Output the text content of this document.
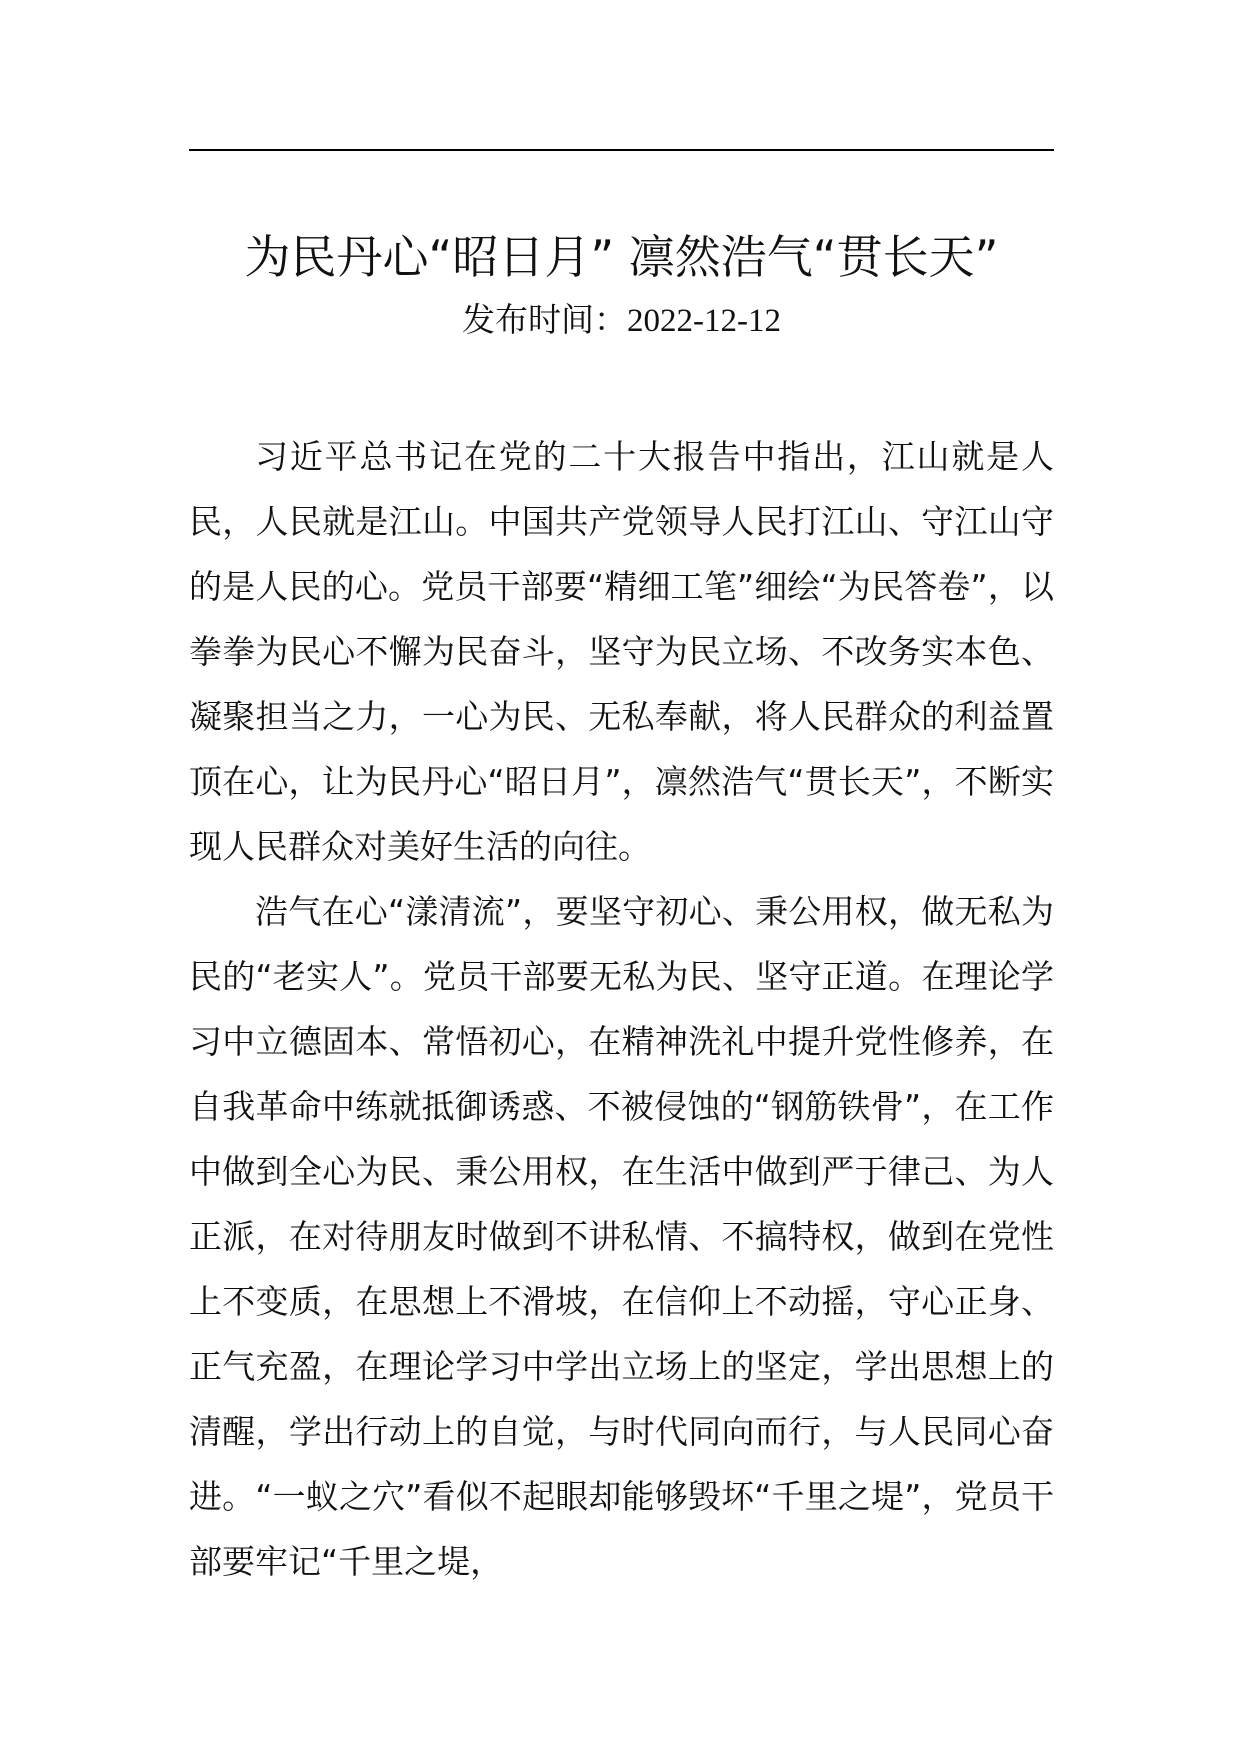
为民丹心“昭日月” 凛然浩气“贯长天”
发布时间：2022-12-12

习近平总书记在党的二十大报告中指出，江山就是人民，人民就是江山。中国共产党领导人民打江山、守江山守的是人民的心。党员干部要“精细工笔”细绘“为民答卷”，以拳拳为民心不懈为民奋斗，坚守为民立场、不改务实本色、凝聚担当之力，一心为民、无私奉献，将人民群众的利益置顶在心，让为民丹心“昭日月”，凛然浩气“贯长天”，不断实现人民群众对美好生活的向往。

浩气在心“漾清流”，要坚守初心、秉公用权，做无私为民的“老实人”。党员干部要无私为民、坚守正道。在理论学习中立德固本、常悟初心，在精神洗礼中提升党性修养，在自我革命中练就抵御诱惑、不被侵蚀的“钢筋铁骨”，在工作中做到全心为民、秉公用权，在生活中做到严于律己、为人正派，在对待朋友时做到不讲私情、不搞特权，做到在党性上不变质，在思想上不滑坡，在信仰上不动摇，守心正身、正气充盈，在理论学习中学出立场上的坚定，学出思想上的清醒，学出行动上的自觉，与时代同向而行，与人民同心奋进。“一蚁之穴”看似不起眼却能够毁坏“千里之堤”，党员干部要牢记“千里之堤，
